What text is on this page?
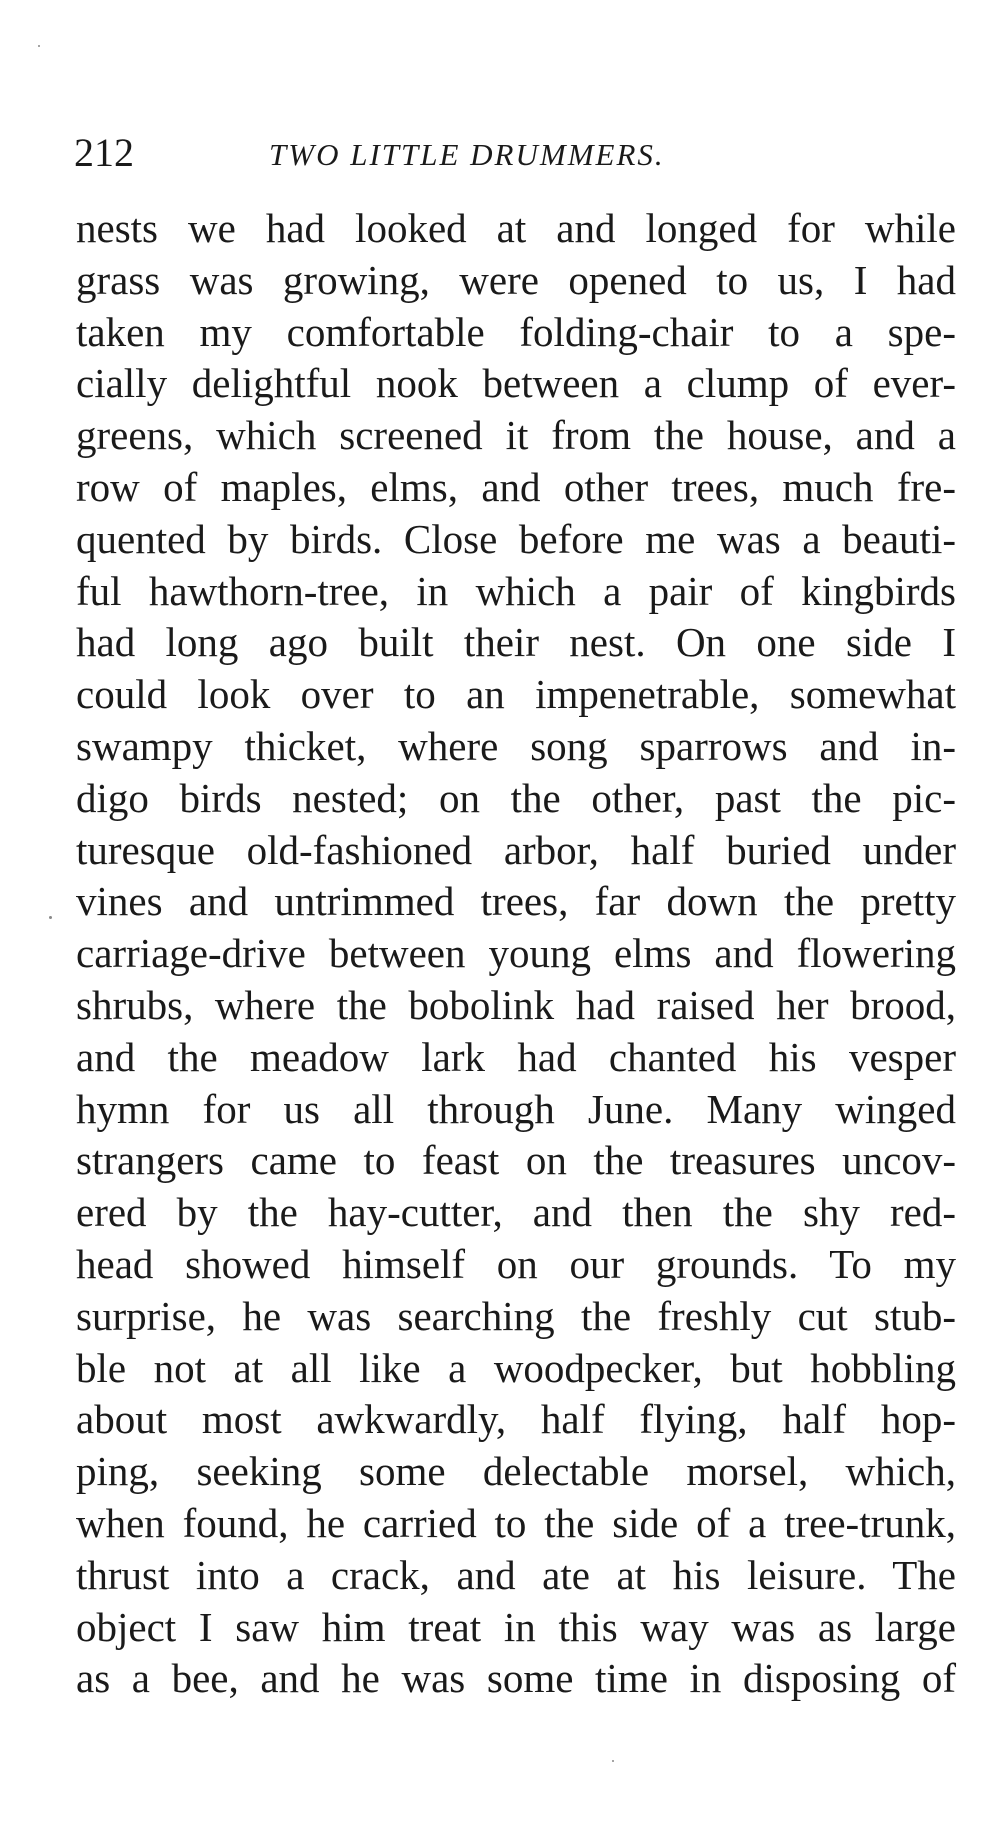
212	TWO LITTLE DRUMMERS.
nests we had looked at and longed for while
grass was growing, were opened to us, I had
taken my comfortable folding-chair to a spe-
cially delightful nook between a clump of ever-
greens, which screened it from the house, and a
row of maples, elms, and other trees, much fre-
quented by birds. Close before me was a beauti-
ful hawthorn-tree, in which a pair of kingbirds
had long ago built their nest. On one side I
could look over to an impenetrable, somewhat
swampy thicket, where song sparrows and in-
digo birds nested; on the other, past the pic-
turesque old-fashioned arbor, half buried under
vines and untrimmed trees, far down the pretty
carriage-drive between young elms and flowering
shrubs, where the bobolink had raised her brood,
and the meadow lark had chanted his vesper
hymn for us all through June. Many winged
strangers came to feast on the treasures uncov-
ered by the hay-cutter, and then the shy red-
head showed himself on our grounds. To my
surprise, he was searching the freshly cut stub-
ble not at all like a woodpecker, but hobbling
about most awkwardly, half flying, half hop-
ping, seeking some delectable morsel, which,
when found, he carried to the side of a tree-trunk,
thrust into a crack, and ate at his leisure. The
object I saw him treat in this way was as large
as a bee, and he was some time in disposing of
